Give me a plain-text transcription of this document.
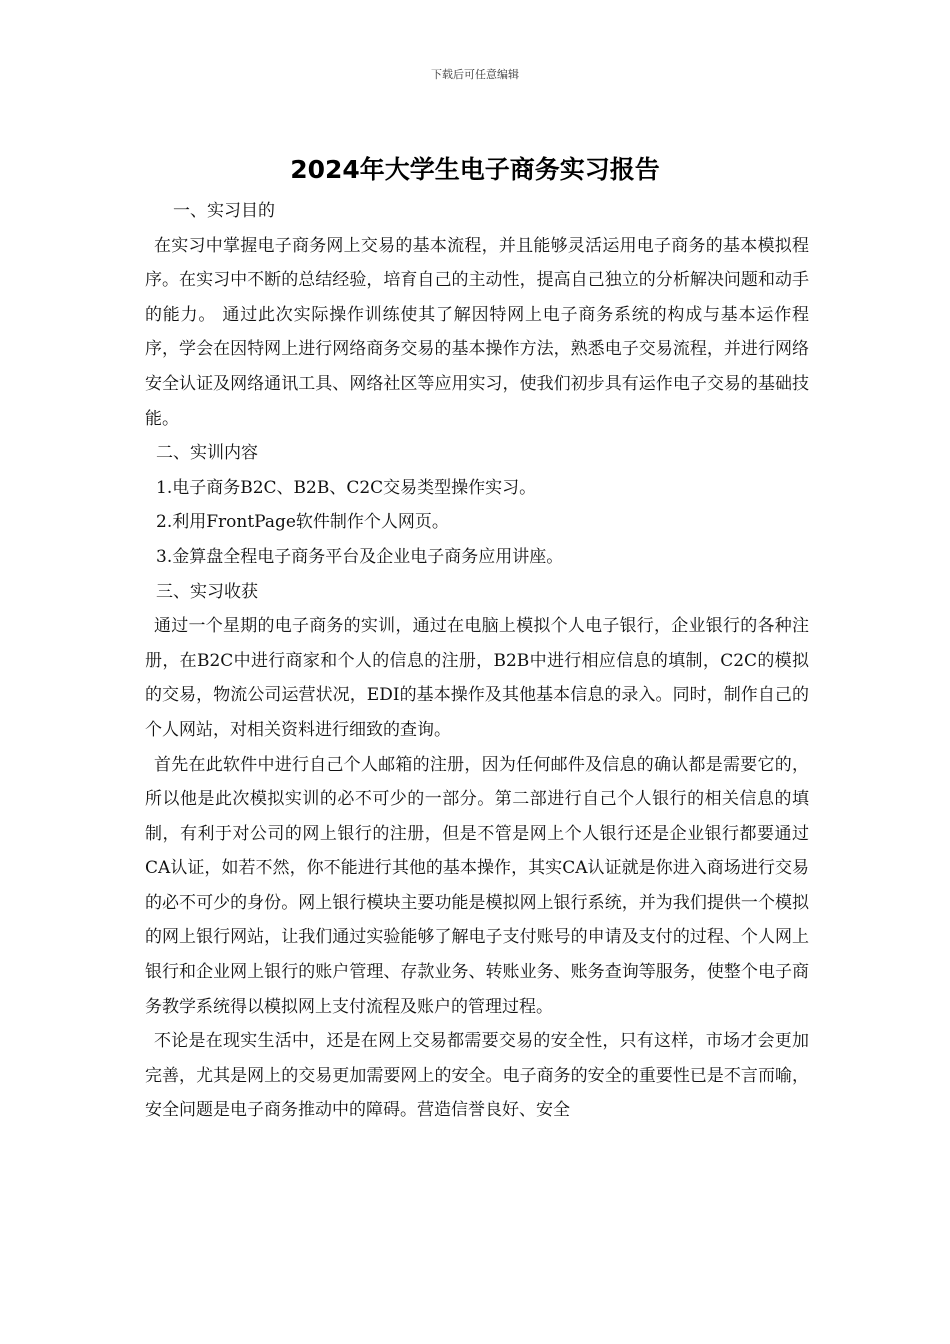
下载后可任意编辑
2024年大学生电子商务实习报告

一、实习目的

在实习中掌握电子商务网上交易的基本流程，并且能够灵活运用电子商务的基本模拟程序。在实习中不断的总结经验，培育自己的主动性，提高自己独立的分析解决问题和动手的能力。 通过此次实际操作训练使其了解因特网上电子商务系统的构成与基本运作程序，学会在因特网上进行网络商务交易的基本操作方法，熟悉电子交易流程，并进行网络安全认证及网络通讯工具、网络社区等应用实习，使我们初步具有运作电子交易的基础技能。

二、实训内容

1.电子商务B2C、B2B、C2C交易类型操作实习。

2.利用FrontPage软件制作个人网页。

3.金算盘全程电子商务平台及企业电子商务应用讲座。

三、实习收获

通过一个星期的电子商务的实训，通过在电脑上模拟个人电子银行，企业银行的各种注册，在B2C中进行商家和个人的信息的注册，B2B中进行相应信息的填制，C2C的模拟的交易，物流公司运营状况，EDI的基本操作及其他基本信息的录入。同时，制作自己的个人网站，对相关资料进行细致的查询。

首先在此软件中进行自己个人邮箱的注册，因为任何邮件及信息的确认都是需要它的，所以他是此次模拟实训的必不可少的一部分。第二部进行自己个人银行的相关信息的填制，有利于对公司的网上银行的注册，但是不管是网上个人银行还是企业银行都要通过CA认证，如若不然，你不能进行其他的基本操作，其实CA认证就是你进入商场进行交易的必不可少的身份。网上银行模块主要功能是模拟网上银行系统，并为我们提供一个模拟的网上银行网站，让我们通过实验能够了解电子支付账号的申请及支付的过程、个人网上银行和企业网上银行的账户管理、存款业务、转账业务、账务查询等服务，使整个电子商务教学系统得以模拟网上支付流程及账户的管理过程。

不论是在现实生活中，还是在网上交易都需要交易的安全性，只有这样，市场才会更加完善，尤其是网上的交易更加需要网上的安全。电子商务的安全的重要性已是不言而喻，安全问题是电子商务推动中的障碍。营造信誉良好、安全
